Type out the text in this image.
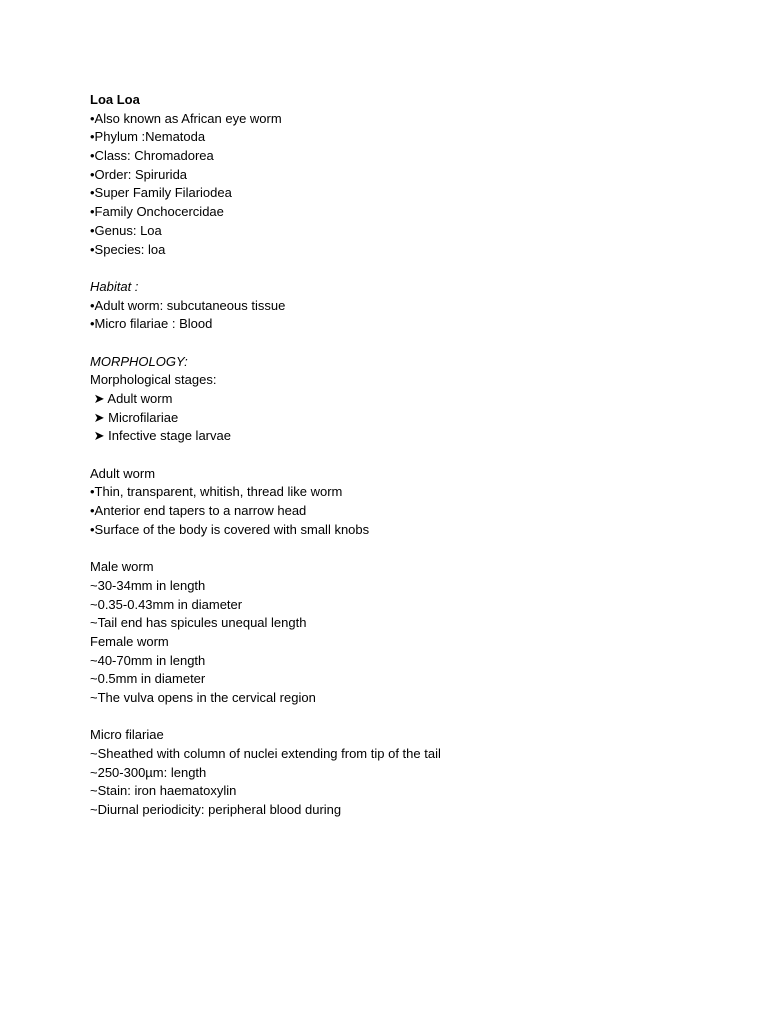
Loa Loa
•Also known as African eye worm
•Phylum :Nematoda
•Class: Chromadorea
•Order: Spirurida
•Super Family Filariodea
•Family Onchocercidae
•Genus: Loa
•Species: loa
Habitat :
•Adult worm: subcutaneous tissue
•Micro filariae : Blood
MORPHOLOGY:
Morphological stages:
➤ Adult worm
➤ Microfilariae
➤ Infective stage larvae
Adult worm
•Thin, transparent, whitish, thread like worm
•Anterior end tapers to a narrow head
•Surface of the body is covered with small knobs
Male worm
~30-34mm in length
~0.35-0.43mm in diameter
~Tail end has spicules unequal length
Female worm
~40-70mm in length
~0.5mm in diameter
~The vulva opens in the cervical region
Micro filariae
~Sheathed with column of nuclei extending from tip of the tail
~250-300µm: length
~Stain: iron haematoxylin
~Diurnal periodicity: peripheral blood during
